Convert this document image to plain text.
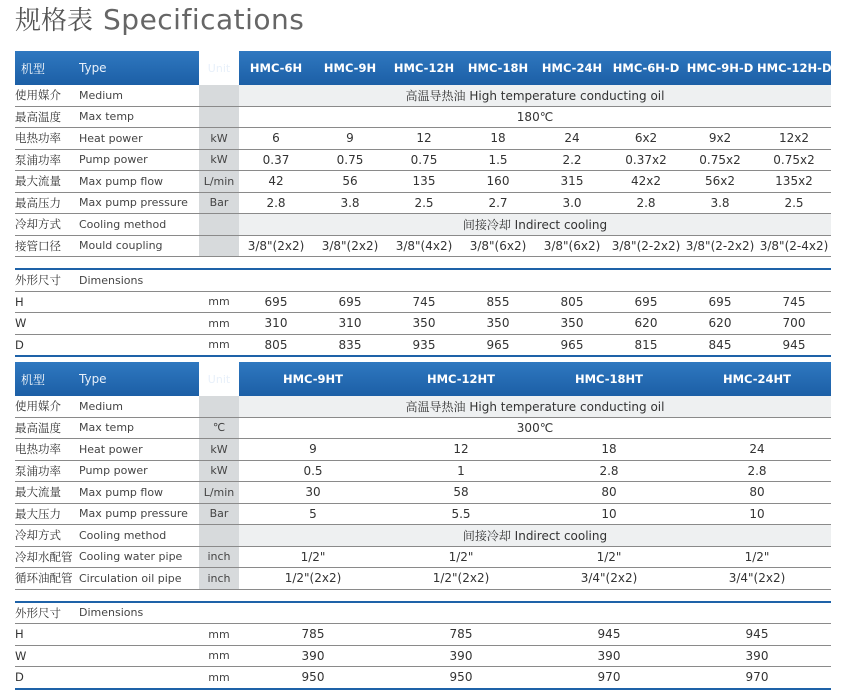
规格表 Specifications
机型	Type	Unit	HMC-6H	HMC-9H	HMC-12H	HMC-18H	HMC-24H	HMC-6H-D	HMC-9H-D	HMC-12H-D
使用媒介	Medium		高温导热油 High temperature conducting oil							
最高温度	Max temp		180℃							
电热功率	Heat power	kW	6	9	12	18	24	6x2	9x2	12x2
泵浦功率	Pump power	kW	0.37	0.75	0.75	1.5	2.2	0.37x2	0.75x2	0.75x2
最大流量	Max pump flow	L/min	42	56	135	160	315	42x2	56x2	135x2
最高压力	Max pump pressure	Bar	2.8	3.8	2.5	2.7	3.0	2.8	3.8	2.5
冷却方式	Cooling method		间接冷却 Indirect cooling							
接管口径	Mould coupling		3/8"(2x2)	3/8"(2x2)	3/8"(4x2)	3/8"(6x2)	3/8"(6x2)	3/8"(2-2x2)	3/8"(2-2x2)	3/8"(2-4x2)

外形尺寸	Dimensions									
H		mm	695	695	745	855	805	695	695	745
W		mm	310	310	350	350	350	620	620	700
D		mm	805	835	935	965	965	815	845	945
机型	Type	Unit	HMC-9HT	HMC-12HT	HMC-18HT	HMC-24HT
使用媒介	Medium		高温导热油 High temperature conducting oil			
最高温度	Max temp	℃	300℃			
电热功率	Heat power	kW	9	12	18	24
泵浦功率	Pump power	kW	0.5	1	2.8	2.8
最大流量	Max pump flow	L/min	30	58	80	80
最大压力	Max pump pressure	Bar	5	5.5	10	10
冷却方式	Cooling method		间接冷却 Indirect cooling			
冷却水配管	Cooling water pipe	inch	1/2"	1/2"	1/2"	1/2"
循环油配管	Circulation oil pipe	inch	1/2"(2x2)	1/2"(2x2)	3/4"(2x2)	3/4"(2x2)

外形尺寸	Dimensions					
H		mm	785	785	945	945
W		mm	390	390	390	390
D		mm	950	950	970	970
